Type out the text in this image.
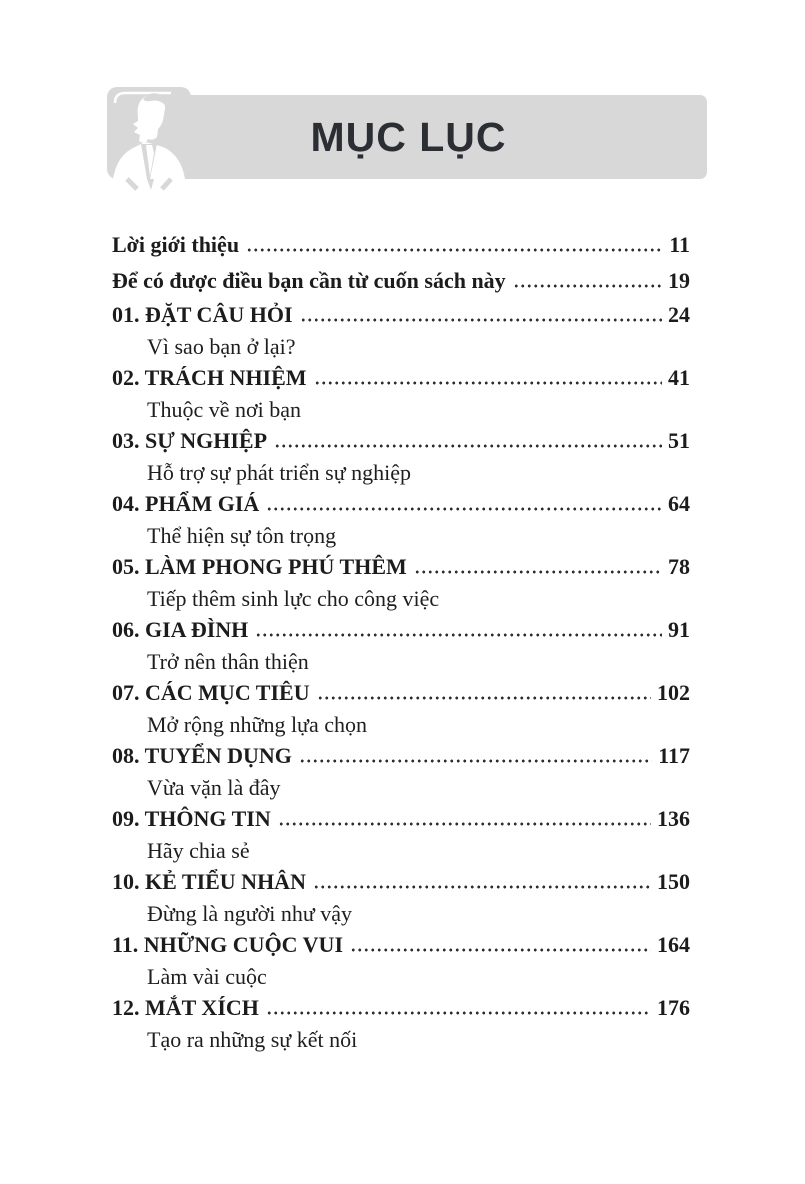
MỤC LỤC
Lời giới thiệu	11
Để có được điều bạn cần từ cuốn sách này	19
01. ĐẶT CÂU HỎI	24
Vì sao bạn ở lại?
02. TRÁCH NHIỆM	41
Thuộc về nơi bạn
03. SỰ NGHIỆP	51
Hỗ trợ sự phát triển sự nghiệp
04. PHẨM GIÁ	64
Thể hiện sự tôn trọng
05. LÀM PHONG PHÚ THÊM	78
Tiếp thêm sinh lực cho công việc
06. GIA ĐÌNH	91
Trở nên thân thiện
07. CÁC MỤC TIÊU	102
Mở rộng những lựa chọn
08. TUYỂN DỤNG	117
Vừa vặn là đây
09. THÔNG TIN	136
Hãy chia sẻ
10. KẺ TIỂU NHÂN	150
Đừng là người như vậy
11. NHỮNG CUỘC VUI	164
Làm vài cuộc
12. MẮT XÍCH	176
Tạo ra những sự kết nối
